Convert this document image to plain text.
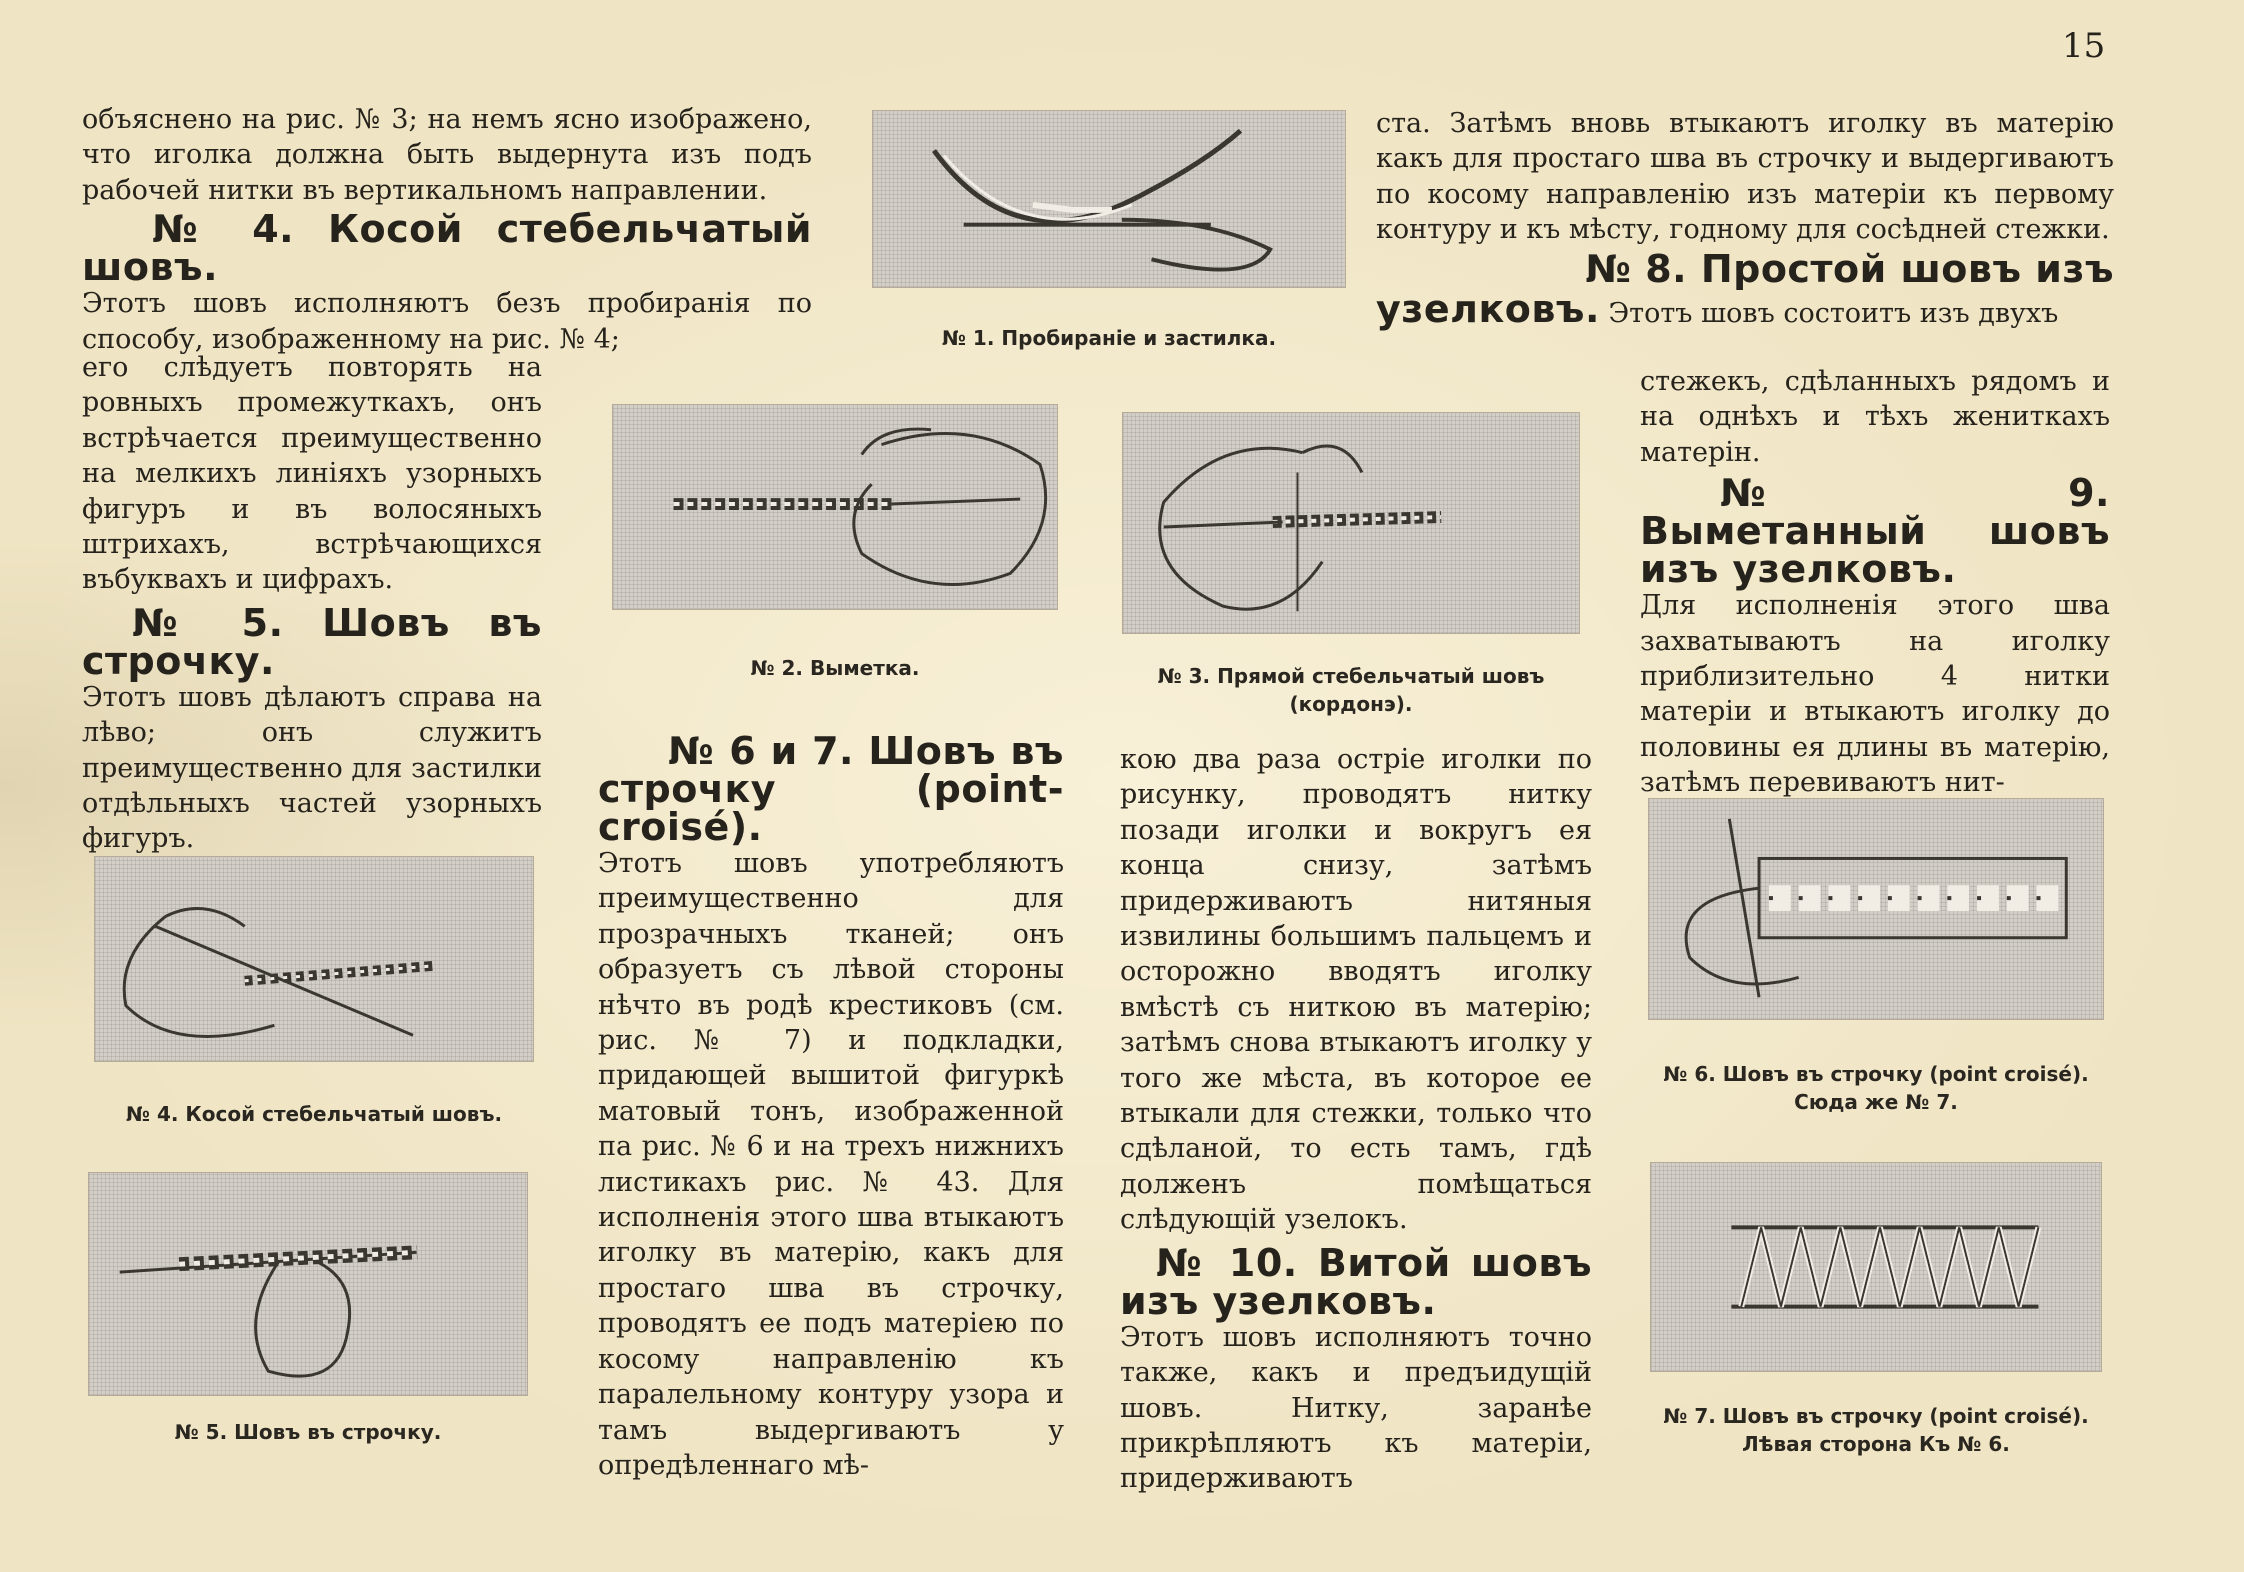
15

объяснено на рис. № 3; на немъ ясно изображено, что иголка должна быть выдернута изъ подъ рабочей нитки въ вертикальномъ направлении.

№ 4. Косой стебельчатый шовъ.

Этотъ шовъ исполняютъ безъ пробиранія по способу, изображенному на рис. № 4;

его слѣдуетъ повторять на ровныхъ промежуткахъ, онъ встрѣчается преимущественно на мелкихъ линіяхъ узорныхъ фигуръ и въ волосяныхъ штрихахъ, встрѣчающихся въбуквахъ и цифрахъ.

№ 5. Шовъ въ строчку.

Этотъ шовъ дѣлаютъ справа на лѣво; онъ служитъ преимущественно для застилки отдѣльныхъ частей узорныхъ фигуръ.

№ 1. Пробираніе и застилка.
№ 2. Выметка.	№ 3. Прямой стебельчатый шовъ
(кордонэ).
№ 4. Косой стебельчатый шовъ.
№ 5. Шовъ въ строчку.
№ 6 и 7. Шовъ въ строчку (point-croisé).

Этотъ шовъ употребляютъ преимущественно для прозрачныхъ тканей; онъ образуетъ съ лѣвой стороны нѣчто въ родѣ крестиковъ (см. рис. № 7) и подкладки, придающей вышитой фигуркѣ матовый тонъ, изображенной па рис. № 6 и на трехъ нижнихъ листикахъ рис. № 43. Для исполненія этого шва втыкаютъ иголку въ матерію, какъ для простаго шва въ строчку, проводятъ ее подъ матеріею по косому направленію къ паралельному контуру узора и тамъ выдергиваютъ у опредѣленнаго мѣ-

кою два раза остріе иголки по рисунку, проводятъ нитку позади иголки и вокругъ ея конца снизу, затѣмъ придерживаютъ нитяныя извилины большимъ пальцемъ и осторожно вводятъ иголку вмѣстѣ съ ниткою въ матерію; затѣмъ снова втыкаютъ иголку у того же мѣста, въ которое ее втыкали для стежки, только что сдѣланой, то есть тамъ, гдѣ долженъ помѣщаться слѣдующій узелокъ.

№ 10. Витой шовъ изъ узелковъ.

Этотъ шовъ исполняютъ точно также, какъ и предъидущій шовъ. Нитку, заранѣе прикрѣпляютъ къ матеріи, придерживаютъ

ста. Затѣмъ вновь втыкаютъ иголку въ матерію какъ для простаго шва въ строчку и выдергиваютъ по косому направленію изъ матеріи къ первому контуру и къ мѣсту, годному для сосѣдней стежки.

№ 8. Простой шовъ изъ

узелковъ. Этотъ шовъ состоитъ изъ двухъ

стежекъ, сдѣланныхъ рядомъ и на однѣхъ и тѣхъ жениткахъ матерін.

№ 9. Выметанный шовъ изъ узелковъ.

Для исполненія этого шва захватываютъ на иголку приблизительно 4 нитки матеріи и втыкаютъ иголку до половины ея длины въ матерію, затѣмъ перевиваютъ нит-

№ 6. Шовъ въ строчку (point croisé).
Сюда же № 7.
№ 7. Шовъ въ строчку (point croisé).
Лѣвая сторона Къ № 6.
